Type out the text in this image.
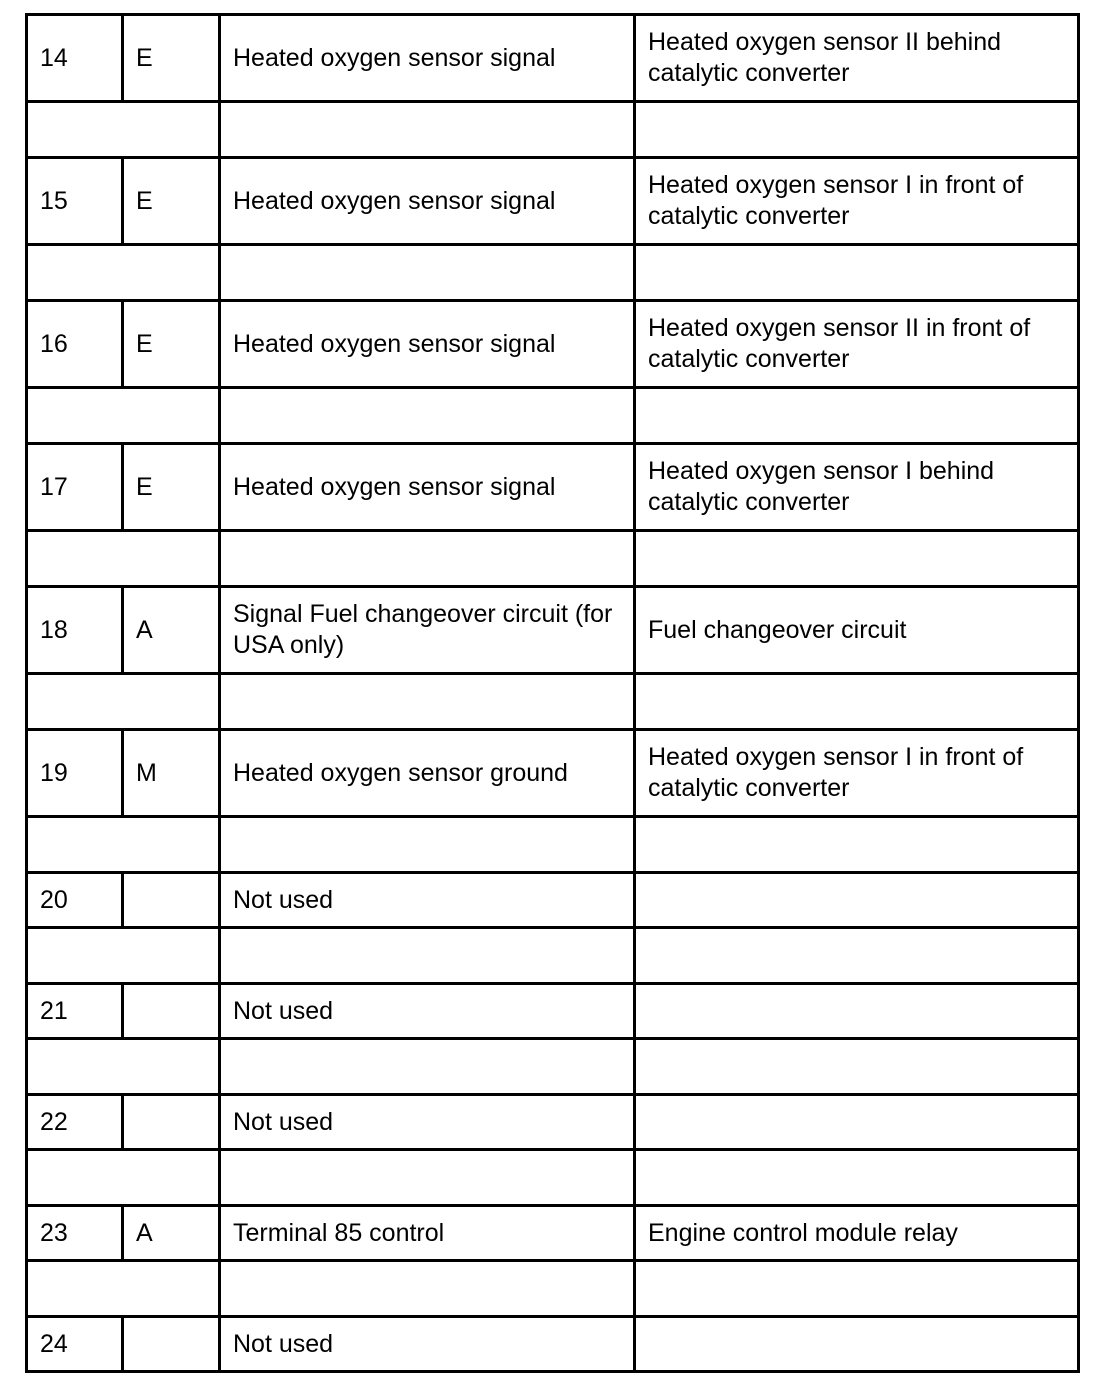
14	E	Heated oxygen sensor signal	Heated oxygen sensor II behind catalytic converter

15	E	Heated oxygen sensor signal	Heated oxygen sensor I in front of catalytic converter

16	E	Heated oxygen sensor signal	Heated oxygen sensor II in front of catalytic converter

17	E	Heated oxygen sensor signal	Heated oxygen sensor I behind catalytic converter

18	A	Signal Fuel changeover circuit (for USA only)	Fuel changeover circuit

19	M	Heated oxygen sensor ground	Heated oxygen sensor I in front of catalytic converter

20		Not used	

21		Not used	

22		Not used	

23	A	Terminal 85 control	Engine control module relay

24		Not used	
